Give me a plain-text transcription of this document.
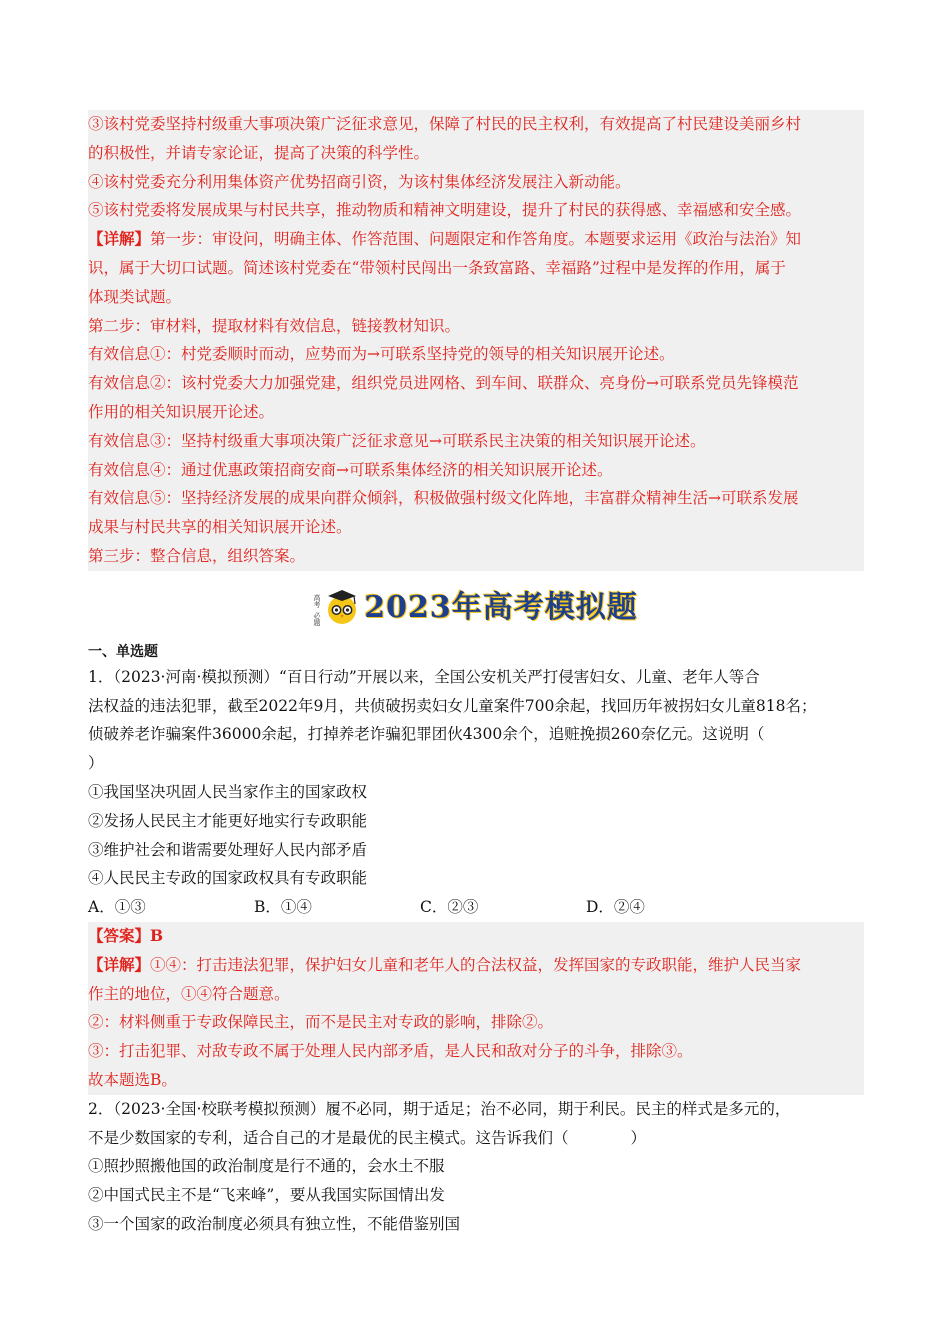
③该村党委坚持村级重大事项决策广泛征求意见，保障了村民的民主权利，有效提高了村民建设美丽乡村
的积极性，并请专家论证，提高了决策的科学性。
④该村党委充分利用集体资产优势招商引资，为该村集体经济发展注入新动能。
⑤该村党委将发展成果与村民共享，推动物质和精神文明建设，提升了村民的获得感、幸福感和安全感。
【详解】第一步：审设问，明确主体、作答范围、问题限定和作答角度。本题要求运用《政治与法治》知
识，属于大切口试题。简述该村党委在“带领村民闯出一条致富路、幸福路”过程中是发挥的作用，属于
体现类试题。
第二步：审材料，提取材料有效信息，链接教材知识。
有效信息①：村党委顺时而动，应势而为→可联系坚持党的领导的相关知识展开论述。
有效信息②：该村党委大力加强党建，组织党员进网格、到车间、联群众、亮身份→可联系党员先锋模范
作用的相关知识展开论述。
有效信息③：坚持村级重大事项决策广泛征求意见→可联系民主决策的相关知识展开论述。
有效信息④：通过优惠政策招商安商→可联系集体经济的相关知识展开论述。
有效信息⑤：坚持经济发展的成果向群众倾斜，积极做强村级文化阵地，丰富群众精神生活→可联系发展
成果与村民共享的相关知识展开论述。
第三步：整合信息，组织答案。
高考
必题 2023年高考模拟题
一、单选题
1．（2023·河南·模拟预测）“百日行动”开展以来，全国公安机关严打侵害妇女、儿童、老年人等合
法权益的违法犯罪，截至2022年9月，共侦破拐卖妇女儿童案件700余起，找回历年被拐妇女儿童818名；
侦破养老诈骗案件36000余起，打掉养老诈骗犯罪团伙4300余个，追赃挽损260奈亿元。这说明（
）
①我国坚决巩固人民当家作主的国家政权
②发扬人民民主才能更好地实行专政职能
③维护社会和谐需要处理好人民内部矛盾
④人民民主专政的国家政权具有专政职能
A．①③	B．①④	C．②③	D．②④
【答案】B
【详解】①④：打击违法犯罪，保护妇女儿童和老年人的合法权益，发挥国家的专政职能，维护人民当家
作主的地位，①④符合题意。
②：材料侧重于专政保障民主，而不是民主对专政的影响，排除②。
③：打击犯罪、对敌专政不属于处理人民内部矛盾，是人民和敌对分子的斗争，排除③。
故本题选B。
2．（2023·全国·校联考模拟预测）履不必同，期于适足；治不必同，期于利民。民主的样式是多元的，
不是少数国家的专利，适合自己的才是最优的民主模式。这告诉我们（　　　　）
①照抄照搬他国的政治制度是行不通的，会水土不服
②中国式民主不是“飞来峰”，要从我国实际国情出发
③一个国家的政治制度必须具有独立性，不能借鉴别国
